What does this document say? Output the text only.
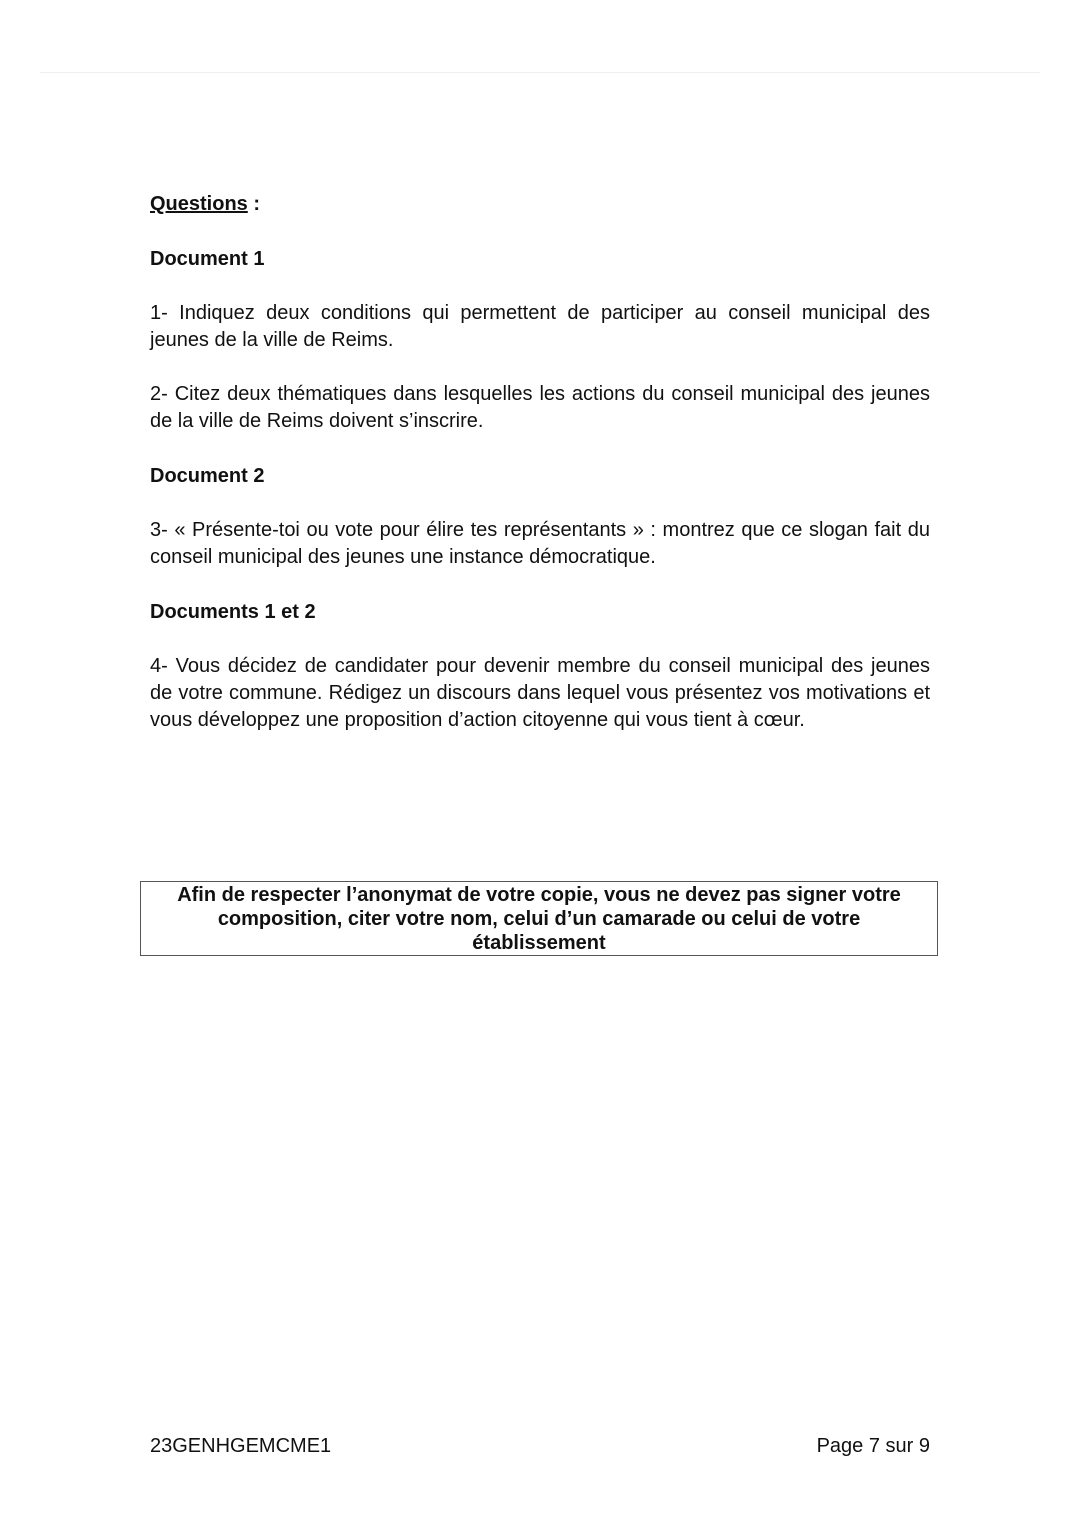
Questions :
Document 1

1- Indiquez deux conditions qui permettent de participer au conseil municipal des jeunes de la ville de Reims.

2- Citez deux thématiques dans lesquelles les actions du conseil municipal des jeunes de la ville de Reims doivent s’inscrire.

Document 2

3- « Présente-toi ou vote pour élire tes représentants » : montrez que ce slogan fait du conseil municipal des jeunes une instance démocratique.

Documents 1 et 2

4- Vous décidez de candidater pour devenir membre du conseil municipal des jeunes de votre commune. Rédigez un discours dans lequel vous présentez vos motivations et vous développez une proposition d’action citoyenne qui vous tient à cœur.

Afin de respecter l’anonymat de votre copie, vous ne devez pas signer votre composition, citer votre nom, celui d’un camarade ou celui de votre établissement
23GENHGEMCME1	Page 7 sur 9
